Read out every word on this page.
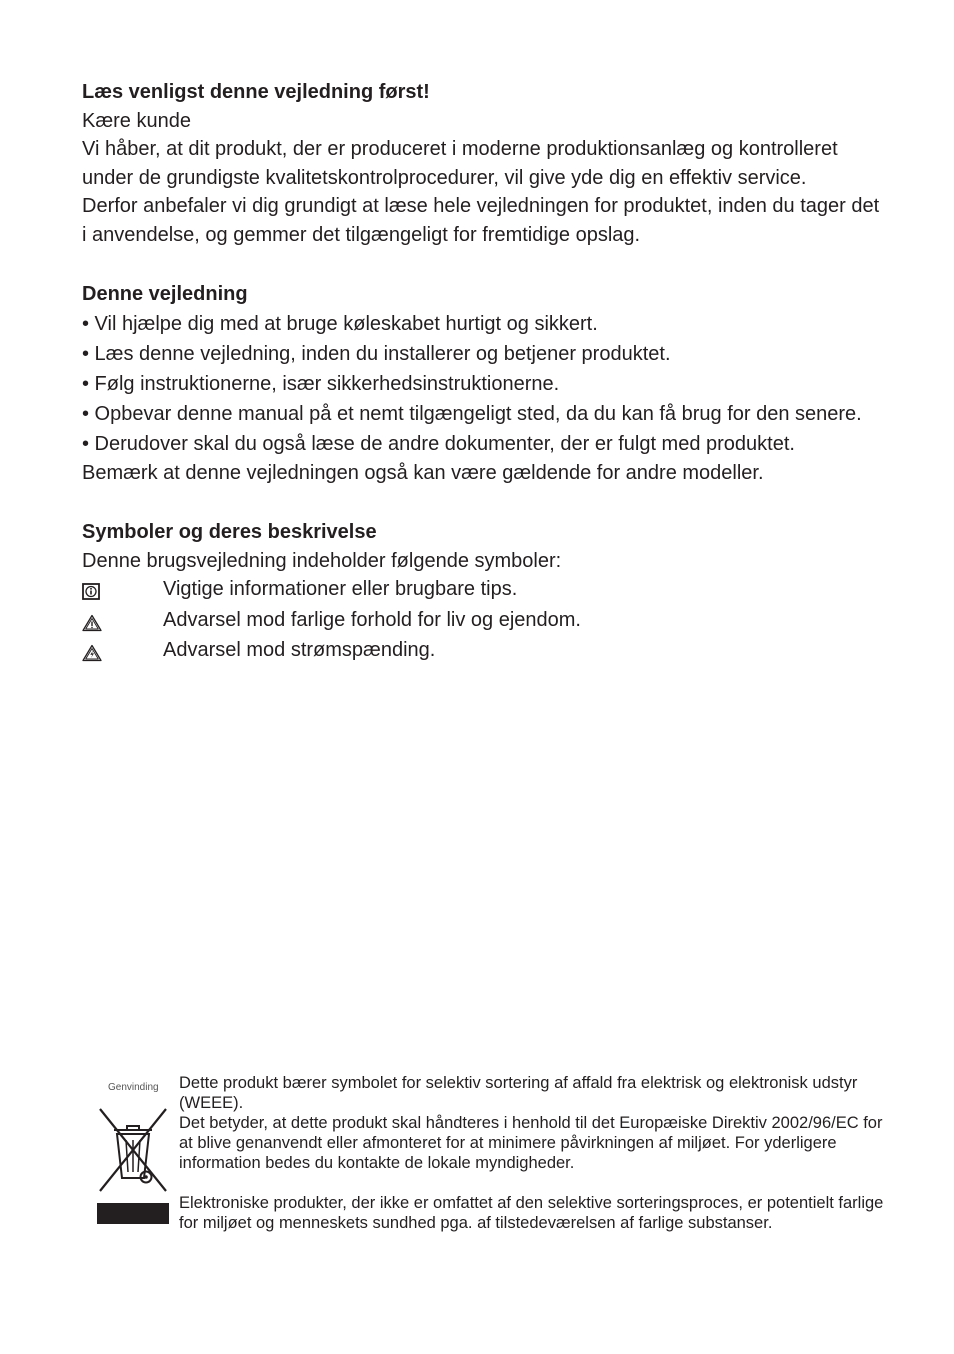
Læs venligst denne vejledning først!
Kære kunde
Vi håber, at dit produkt, der er produceret i moderne produktionsanlæg og kontrolleret under de grundigste kvalitetskontrolprocedurer, vil give yde dig en effektiv service.
Derfor anbefaler vi dig grundigt at læse hele vejledningen for produktet, inden du tager det i anvendelse, og gemmer det tilgængeligt for fremtidige opslag.
Denne vejledning
• Vil hjælpe dig med at bruge køleskabet hurtigt og sikkert.
• Læs denne vejledning, inden du installerer og betjener produktet.
• Følg instruktionerne, især sikkerhedsinstruktionerne.
• Opbevar denne manual på et nemt tilgængeligt sted, da du kan få brug for den senere.
• Derudover skal du også læse de andre dokumenter, der er fulgt med produktet.
Bemærk at denne vejledningen også kan være gældende for andre modeller.
Symboler og deres beskrivelse
Denne brugsvejledning indeholder følgende symboler:
Vigtige informationer eller brugbare tips.
Advarsel mod farlige forhold for liv og ejendom.
Advarsel mod strømspænding.
Genvinding Dette produkt bærer symbolet for selektiv sortering af affald fra elektrisk og elektronisk udstyr (WEEE).

Det betyder, at dette produkt skal håndteres i henhold til det Europæiske Direktiv 2002/96/EC for at blive genanvendt eller afmonteret for at minimere påvirkningen af miljøet. For yderligere information bedes du kontakte de lokale myndigheder.

Elektroniske produkter, der ikke er omfattet af den selektive sorteringsproces, er potentielt farlige for miljøet og menneskets sundhed pga. af tilstedeværelsen af farlige substanser.
